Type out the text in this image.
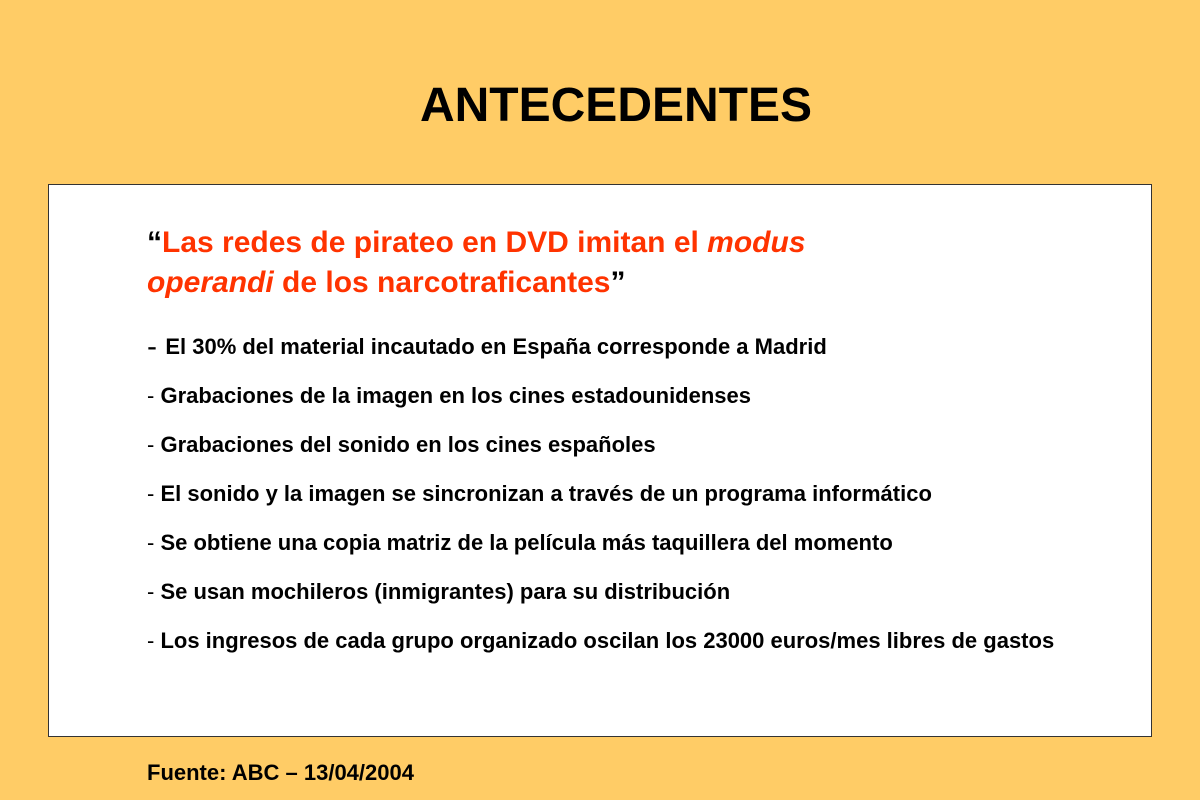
ANTECEDENTES

“Las redes de pirateo en DVD imitan el modus
operandi de los narcotraficantes”

- El 30% del material incautado en España corresponde a Madrid
- Grabaciones de la imagen en los cines estadounidenses
- Grabaciones del sonido en los cines españoles
- El sonido y la imagen se sincronizan a través de un programa informático
- Se obtiene una copia matriz de la película más taquillera del momento
- Se usan mochileros (inmigrantes) para su distribución
- Los ingresos de cada grupo organizado oscilan los 23000 euros/mes libres de gastos

Fuente: ABC – 13/04/2004
